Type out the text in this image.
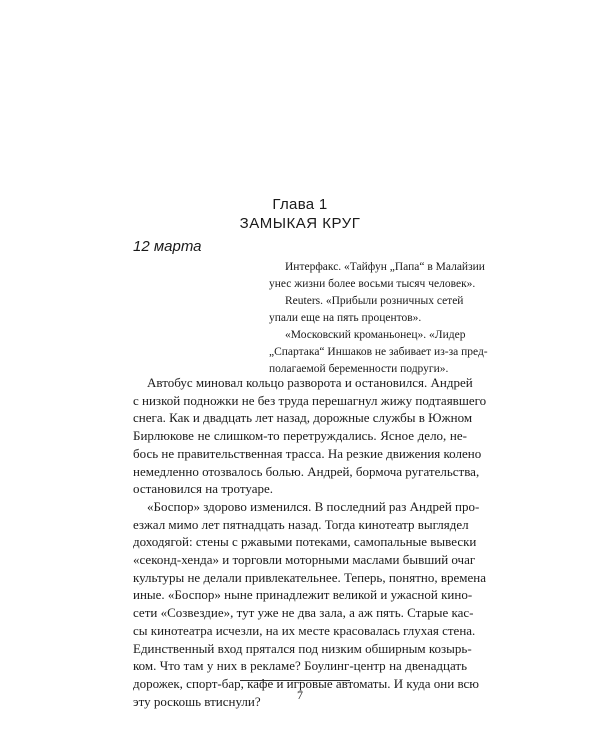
Глава 1
ЗАМЫКАЯ КРУГ
12 марта

Интерфакс. «Тайфун „Папа“ в Малайзии

унес жизни более восьми тысяч человек».

Reuters. «Прибыли розничных сетей

упали еще на пять процентов».

«Московский кроманьонец». «Лидер

„Спартака“ Иншаков не забивает из-за пред-

полагаемой беременности подруги».

Автобус миновал кольцо разворота и остановился. Андрей
с низкой подножки не без труда перешагнул жижу подтаявшего
снега. Как и двадцать лет назад, дорожные службы в Южном
Бирлюкове не слишком-то перетруждались. Ясное дело, не-
бось не правительственная трасса. На резкие движения колено
немедленно отозвалось болью. Андрей, бормоча ругательства,
остановился на тротуаре.
«Боспор» здорово изменился. В последний раз Андрей про-
езжал мимо лет пятнадцать назад. Тогда кинотеатр выглядел
доходягой: стены с ржавыми потеками, самопальные вывески
«секонд-хенда» и торговли моторными маслами бывший очаг
культуры не делали привлекательнее. Теперь, понятно, времена
иные. «Боспор» ныне принадлежит великой и ужасной кино-
сети «Созвездие», тут уже не два зала, а аж пять. Старые кас-
сы кинотеатра исчезли, на их месте красовалась глухая стена.
Единственный вход прятался под низким обширным козырь-
ком. Что там у них в рекламе? Боулинг-центр на двенадцать
дорожек, спорт-бар, кафе и игровые автоматы. И куда они всю
эту роскошь втиснули?	7
